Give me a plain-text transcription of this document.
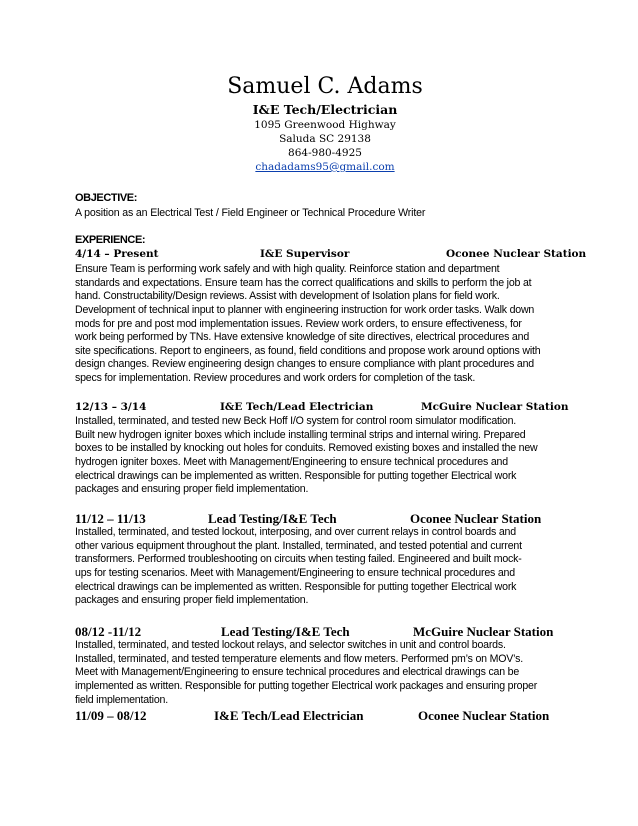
Samuel C. Adams
I&E Tech/Electrician
1095 Greenwood Highway
Saluda SC 29138
864-980-4925
chadadams95@gmail.com
OBJECTIVE:
A position as an Electrical Test / Field Engineer or Technical Procedure Writer
EXPERIENCE:
4/14 – Present	I&E Supervisor	Oconee Nuclear Station
Ensure Team is performing work safely and with high quality. Reinforce station and department
standards and expectations. Ensure team has the correct qualifications and skills to perform the job at
hand. Constructability/Design reviews. Assist with development of Isolation plans for field work.
Development of technical input to planner with engineering instruction for work order tasks. Walk down
mods for pre and post mod implementation issues. Review work orders, to ensure effectiveness, for
work being performed by TNs. Have extensive knowledge of site directives, electrical procedures and
site specifications. Report to engineers, as found, field conditions and propose work around options with
design changes. Review engineering design changes to ensure compliance with plant procedures and
specs for implementation. Review procedures and work orders for completion of the task.
12/13 – 3/14	I&E Tech/Lead Electrician	McGuire Nuclear Station
Installed, terminated, and tested new Beck Hoff I/O system for control room simulator modification.
Built new hydrogen igniter boxes which include installing terminal strips and internal wiring. Prepared
boxes to be installed by knocking out holes for conduits. Removed existing boxes and installed the new
hydrogen igniter boxes. Meet with Management/Engineering to ensure technical procedures and
electrical drawings can be implemented as written. Responsible for putting together Electrical work
packages and ensuring proper field implementation.
11/12 – 11/13	Lead Testing/I&E Tech	Oconee Nuclear Station
Installed, terminated, and tested lockout, interposing, and over current relays in control boards and
other various equipment throughout the plant. Installed, terminated, and tested potential and current
transformers. Performed troubleshooting on circuits when testing failed. Engineered and built mock-
ups for testing scenarios. Meet with Management/Engineering to ensure technical procedures and
electrical drawings can be implemented as written. Responsible for putting together Electrical work
packages and ensuring proper field implementation.
08/12 -11/12	Lead Testing/I&E Tech	McGuire Nuclear Station
Installed, terminated, and tested lockout relays, and selector switches in unit and control boards.
Installed, terminated, and tested temperature elements and flow meters. Performed pm’s on MOV’s.
Meet with Management/Engineering to ensure technical procedures and electrical drawings can be
implemented as written. Responsible for putting together Electrical work packages and ensuring proper
field implementation.
11/09 – 08/12	I&E Tech/Lead Electrician	Oconee Nuclear Station
